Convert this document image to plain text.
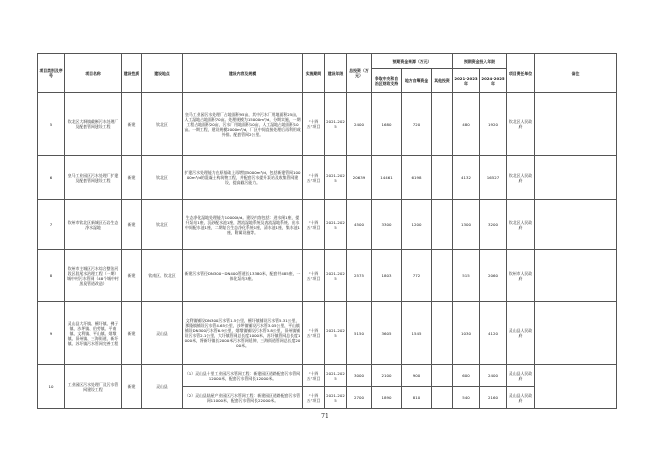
项目类别及序号	项目名称	建设性质	建设地点	建设内容及规模	实施期间	建设年限	总投资（万元）	预期资金来源（万元）			预期资金投入年限		项目责任单位	备注
								争取中央和自治区财政支持	地方自筹资金	其他投资	2021-2023年	2024-2025年		

5	钦北区大垌镇截断污水处理厂及配套管网建设工程	新建	钦北区	皇马工业园污水处理厂占地面积95亩，其中污水厂用地面积25亩，人工湿地占地面积70亩。处理规模为15000m³/d，分期实施，一期工程占地面积20亩，污水厂用地面积10亩，人工湿地占地面积10亩。一期工程，建设规模2000m³/d，厂区中间直接处理后再利用或外排。配套管网2公里。	“十四五”项目	2021-2025	2400	1680	720		480	1920	钦北区人民政府	
6	皇马工业园区污水处理厂扩建及配套管网建设工程	新建	钦北区	扩建污水处理能力在原基础上再增加5000m³/d，包括新建管网10000m³/d的混凝土构筑物工程，并配套污水提升泵站及收集管网建设，提高截污能力。	“十四五”项目	2021-2025	20639	14461	6198		4132	16527	钦北区人民政府	
7	钦州市钦北区新城区石岩生态净水湿地	新建	钦北区	生态净化湿地处理能力10000t/d。建设内容包括：进水闸1座，提升泵站1座，沉砂配水池1座，潜流湿地系统及表流湿地系统、出水中间配水池1座，二期复合生态净化系统1座，清水池1座，集水池1座，附属设施等。	“十四五”项目	2021-2025	4500	3300	1200		1300	3200	钦北区人民政府	
8	钦州市主城区污水综合整治河段区段尾水治理工程（一期）城中村污水管网（48个城中村黑臭管道改造）	新建	钦南区、钦北区	新建污水管径DN300~DN400管道长13380米，配套井485座，一体化泵站3座。	“十四五”项目	2021-2025	2575	1803	772		515	2060	钦州市人民政府	
9	灵山县大圩镇、檀圩镇、佛子镇、沙坪镇、伯劳镇、平南镇、文利镇、平山镇、烟墩镇、旧州镇、三海街道、新圩镇、苏圩镇污水管网完善工程	新建	灵山县	文利镇铺设DN300污水管1.5公里，檀圩镇铺设污水管5.31公里，那隆镇铺设污水管4.65公里，沙坪镇铺设污水管3.05公里，平山镇铺设DN300污水管6.9公里，烟墩镇铺设污水管3.8公里，旧州镇铺设污水管2.1公里，大圩镇管网总长度1000米，苏圩镇管网总长度1000米，将新圩镇长2000米污水管网延伸，三海街道管网总长度2000米。	“十四五”项目	2021-2025	5150	3605	1545		1030	4120	灵山县人民政府	
10	工业园区污水处理厂及污水管网建设工程	新建	灵山县	（1）灵山县十里工业园污水管网工程：新建园区道路配套污水管网12000米，配套污水管网长12000米。	“十四五”项目	2021-2025	3000	2100	900		600	2400	灵山县人民政府	
				（2）灵山县陆屋产业园区污水管网工程：新建园区道路配套污水管网11000米，配套污水管网长22000米。	“十四五”项目	2021-2025	2700	1890	810		540	2160	灵山县人民政府	
71
